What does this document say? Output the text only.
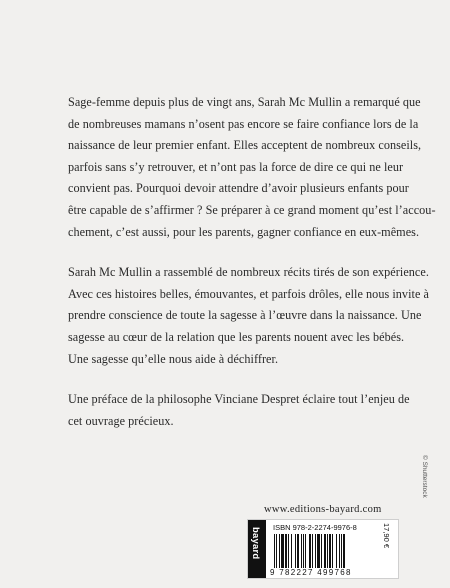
Sage-femme depuis plus de vingt ans, Sarah Mc Mullin a remarqué que
de nombreuses mamans n’osent pas encore se faire confiance lors de la
naissance de leur premier enfant. Elles acceptent de nombreux conseils,
parfois sans s’y retrouver, et n’ont pas la force de dire ce qui ne leur
convient pas. Pourquoi devoir attendre d’avoir plusieurs enfants pour
être capable de s’affirmer ? Se préparer à ce grand moment qu’est l’accou-
chement, c’est aussi, pour les parents, gagner confiance en eux-mêmes.

Sarah Mc Mullin a rassemblé de nombreux récits tirés de son expérience.
Avec ces histoires belles, émouvantes, et parfois drôles, elle nous invite à
prendre conscience de toute la sagesse à l’œuvre dans la naissance. Une
sagesse au cœur de la relation que les parents nouent avec les bébés.
Une sagesse qu’elle nous aide à déchiffrer.

Une préface de la philosophe Vinciane Despret éclaire tout l’enjeu de
cet ouvrage précieux.

© Shutterstock
www.editions-bayard.com
bayard ISBN 978-2-2274-9976-8
9 782227 499768
17,90 €
